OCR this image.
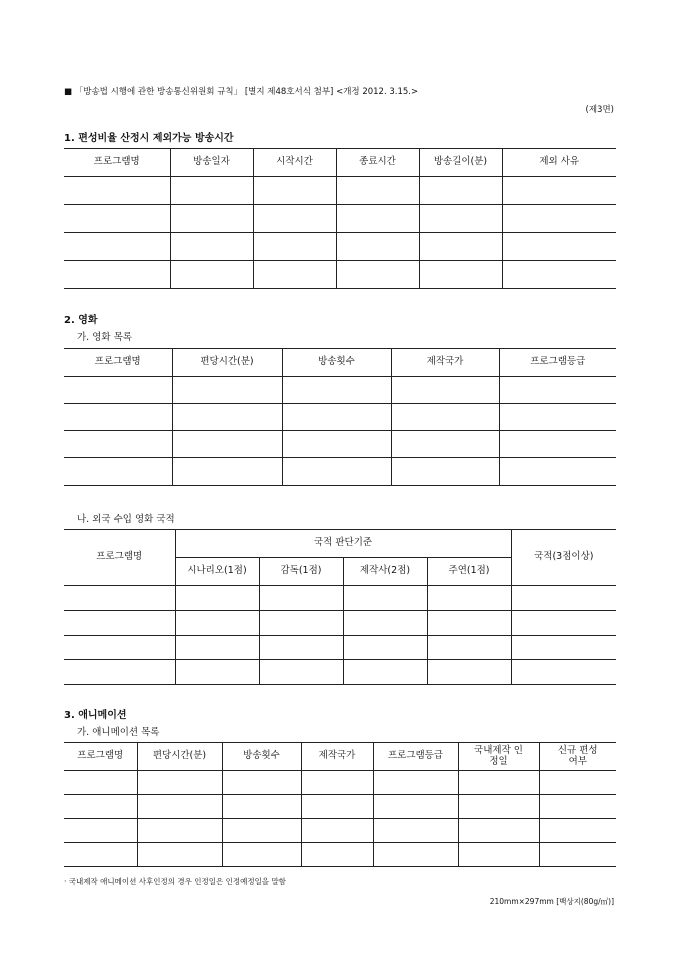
■ 「방송법 시행에 관한 방송통신위원회 규칙」 [별지 제48호서식 첨부] <개정 2012. 3.15.>
(제3면)
1. 편성비율 산정시 제외가능 방송시간
프로그램명	방송일자	시작시간	종료시간	방송길이(분)	제외 사유

2. 영화
가. 영화 목록
프로그램명	편당시간(분)	방송횟수	제작국가	프로그램등급

나. 외국 수입 영화 국적
프로그램명	국적 판단기준				국적(3점이상)
	시나리오(1점)	감독(1점)	제작사(2점)	주연(1점)	

3. 애니메이션
가. 애니메이션 목록
프로그램명	편당시간(분)	방송횟수	제작국가	프로그램등급	국내제작 인정일	신규 편성 여부

· 국내제작 애니메이션 사후인정의 경우 인정일은 인정예정일을 말함
210mm×297mm [백상지(80g/㎡)]
